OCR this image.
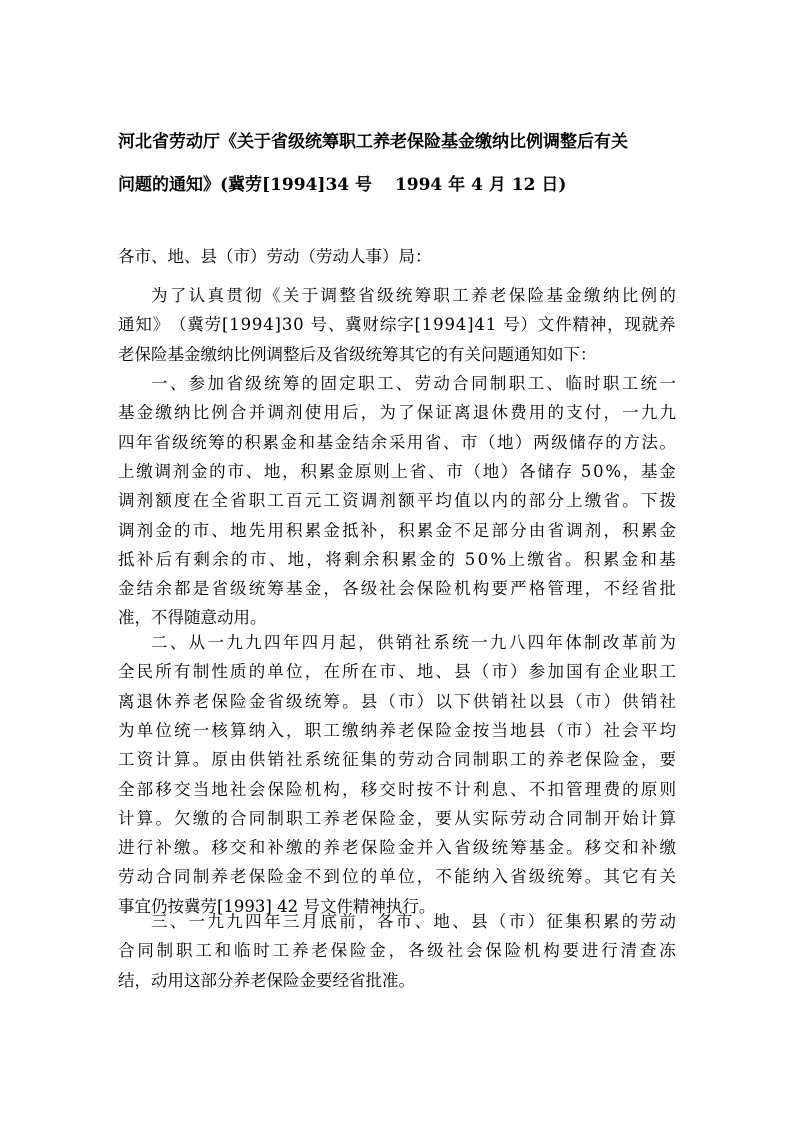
河北省劳动厅《关于省级统筹职工养老保险基金缴纳比例调整后有关
问题的通知》(冀劳[1994]34 号　 1994 年 4 月 12 日)
各市、地、县（市）劳动（劳动人事）局：
为 了 认 真 贯 彻 《 关 于 调 整 省 级 统 筹 职 工 养 老 保 险 基 金 缴 纳 比 例 的
通 知 》 （ 冀 劳 [ 1 9 9 4 ] 3 0
号 、 冀 财 综 字 [ 1 9 9 4 ] 4 1
号 ） 文 件 精 神 ， 现 就 养
老保险基金缴纳比例调整后及省级统筹其它的有关问题通知如下：
一 、 参 加 省 级 统 筹 的 固 定 职 工 、 劳 动 合 同 制 职 工 、 临 时 职 工 统 一
基 金 缴 纳 比 例 合 并 调 剂 使 用 后 ， 为 了 保 证 离 退 休 费 用 的 支 付 ， 一 九 九
四 年 省 级 统 筹 的 积 累 金 和 基 金 结 余 采 用 省 、 市 （ 地 ） 两 级 储 存 的 方 法 。
上 缴 调 剂 金 的 市 、 地 ， 积 累 金 原 则 上 省 、 市 （ 地 ） 各 储 存
5 0 % ， 基 金
调 剂 额 度 在 全 省 职 工 百 元 工 资 调 剂 额 平 均 值 以 内 的 部 分 上 缴 省 。 下 拨
调 剂 金 的 市 、 地 先 用 积 累 金 抵 补 ， 积 累 金 不 足 部 分 由 省 调 剂 ， 积 累 金
抵 补 后 有 剩 余 的 市 、 地 ， 将 剩 余 积 累 金 的
5 0 % 上 缴 省 。 积 累 金 和 基
金 结 余 都 是 省 级 统 筹 基 金 ， 各 级 社 会 保 险 机 构 要 严 格 管 理 ， 不 经 省 批
准，不得随意动用。
二 、 从 一 九 九 四 年 四 月 起 ， 供 销 社 系 统 一 九 八 四 年 体 制 改 革 前 为
全 民 所 有 制 性 质 的 单 位 ， 在 所 在 市 、 地 、 县 （ 市 ） 参 加 国 有 企 业 职 工
离 退 休 养 老 保 险 金 省 级 统 筹 。 县 （ 市 ） 以 下 供 销 社 以 县 （ 市 ） 供 销 社
为 单 位 统 一 核 算 纳 入 ， 职 工 缴 纳 养 老 保 险 金 按 当 地 县 （ 市 ） 社 会 平 均
工 资 计 算 。 原 由 供 销 社 系 统 征 集 的 劳 动 合 同 制 职 工 的 养 老 保 险 金 ， 要
全 部 移 交 当 地 社 会 保 险 机 构 ， 移 交 时 按 不 计 利 息 、 不 扣 管 理 费 的 原 则
计 算 。 欠 缴 的 合 同 制 职 工 养 老 保 险 金 ， 要 从 实 际 劳 动 合 同 制 开 始 计 算
进 行 补 缴 。 移 交 和 补 缴 的 养 老 保 险 金 并 入 省 级 统 筹 基 金 。 移 交 和 补 缴
劳 动 合 同 制 养 老 保 险 金 不 到 位 的 单 位 ， 不 能 纳 入 省 级 统 筹 。 其 它 有 关
事宜仍按冀劳[1993] 42 号文件精神执行。
三 、 一 九 九 四 年 三 月 底 前 ， 各 市 、 地 、 县 （ 市 ） 征 集 积 累 的 劳 动
合 同 制 职 工 和 临 时 工 养 老 保 险 金 ， 各 级 社 会 保 险 机 构 要 进 行 清 查 冻
结，动用这部分养老保险金要经省批准。
